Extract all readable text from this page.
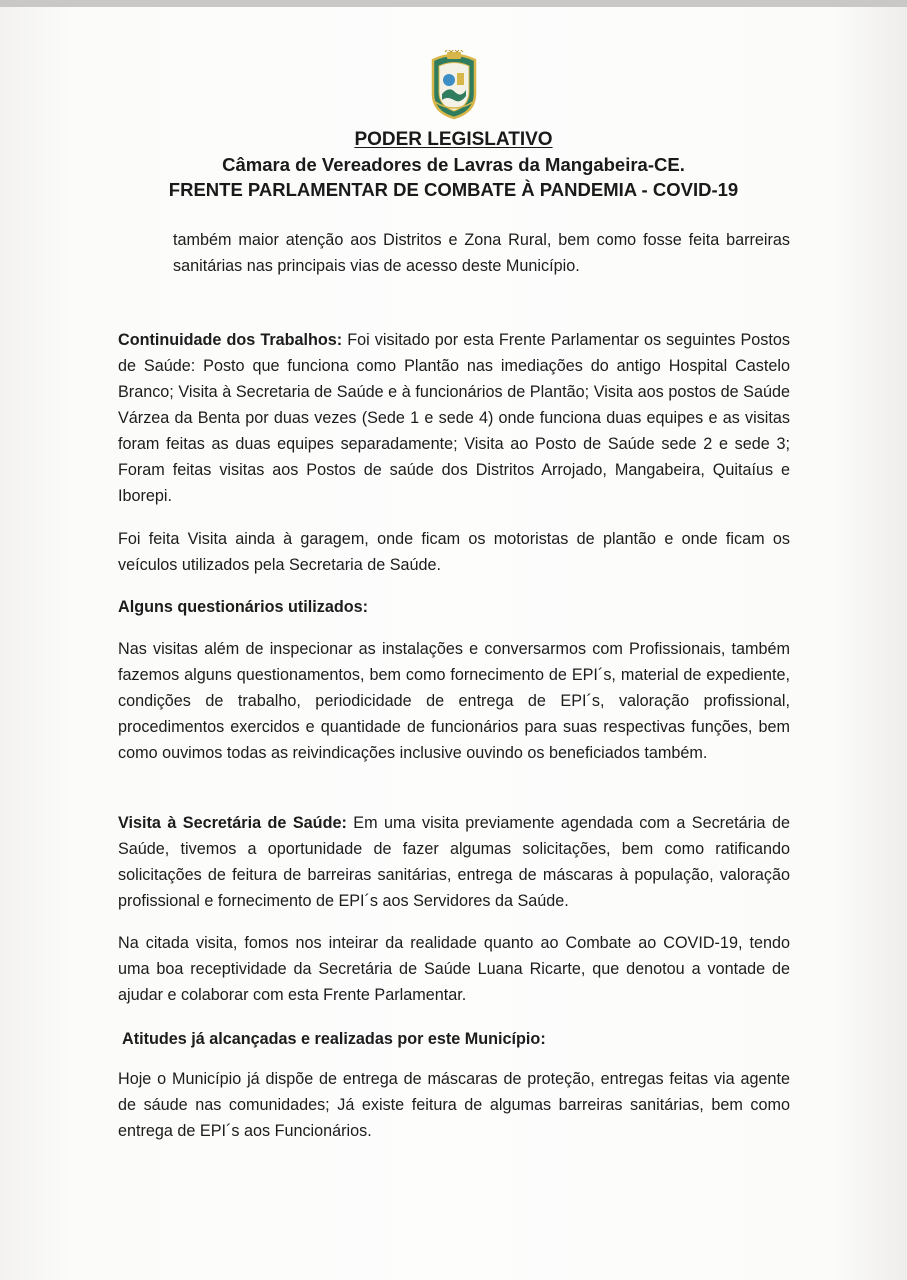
PODER LEGISLATIVO
Câmara de Vereadores de Lavras da Mangabeira-CE.
FRENTE PARLAMENTAR DE COMBATE À PANDEMIA - COVID-19

também maior atenção aos Distritos e Zona Rural, bem como fosse feita barreiras sanitárias nas principais vias de acesso deste Município.

Continuidade dos Trabalhos: Foi visitado por esta Frente Parlamentar os seguintes Postos de Saúde: Posto que funciona como Plantão nas imediações do antigo Hospital Castelo Branco; Visita à Secretaria de Saúde e à funcionários de Plantão; Visita aos postos de Saúde Várzea da Benta por duas vezes (Sede 1 e sede 4) onde funciona duas equipes e as visitas foram feitas as duas equipes separadamente; Visita ao Posto de Saúde sede 2 e sede 3; Foram feitas visitas aos Postos de saúde dos Distritos Arrojado, Mangabeira, Quitaíus e Iborepi.

Foi feita Visita ainda à garagem, onde ficam os motoristas de plantão e onde ficam os veículos utilizados pela Secretaria de Saúde.

Alguns questionários utilizados:

Nas visitas além de inspecionar as instalações e conversarmos com Profissionais, também fazemos alguns questionamentos, bem como fornecimento de EPI´s, material de expediente, condições de trabalho, periodicidade de entrega de EPI´s, valoração profissional, procedimentos exercidos e quantidade de funcionários para suas respectivas funções, bem como ouvimos todas as reivindicações inclusive ouvindo os beneficiados também.

Visita à Secretária de Saúde: Em uma visita previamente agendada com a Secretária de Saúde, tivemos a oportunidade de fazer algumas solicitações, bem como ratificando solicitações de feitura de barreiras sanitárias, entrega de máscaras à população, valoração profissional e fornecimento de EPI´s aos Servidores da Saúde.

Na citada visita, fomos nos inteirar da realidade quanto ao Combate ao COVID-19, tendo uma boa receptividade da Secretária de Saúde Luana Ricarte, que denotou a vontade de ajudar e colaborar com esta Frente Parlamentar.

Atitudes já alcançadas e realizadas por este Município:

Hoje o Município já dispõe de entrega de máscaras de proteção, entregas feitas via agente de sáude nas comunidades; Já existe feitura de algumas barreiras sanitárias, bem como entrega de EPI´s aos Funcionários.
